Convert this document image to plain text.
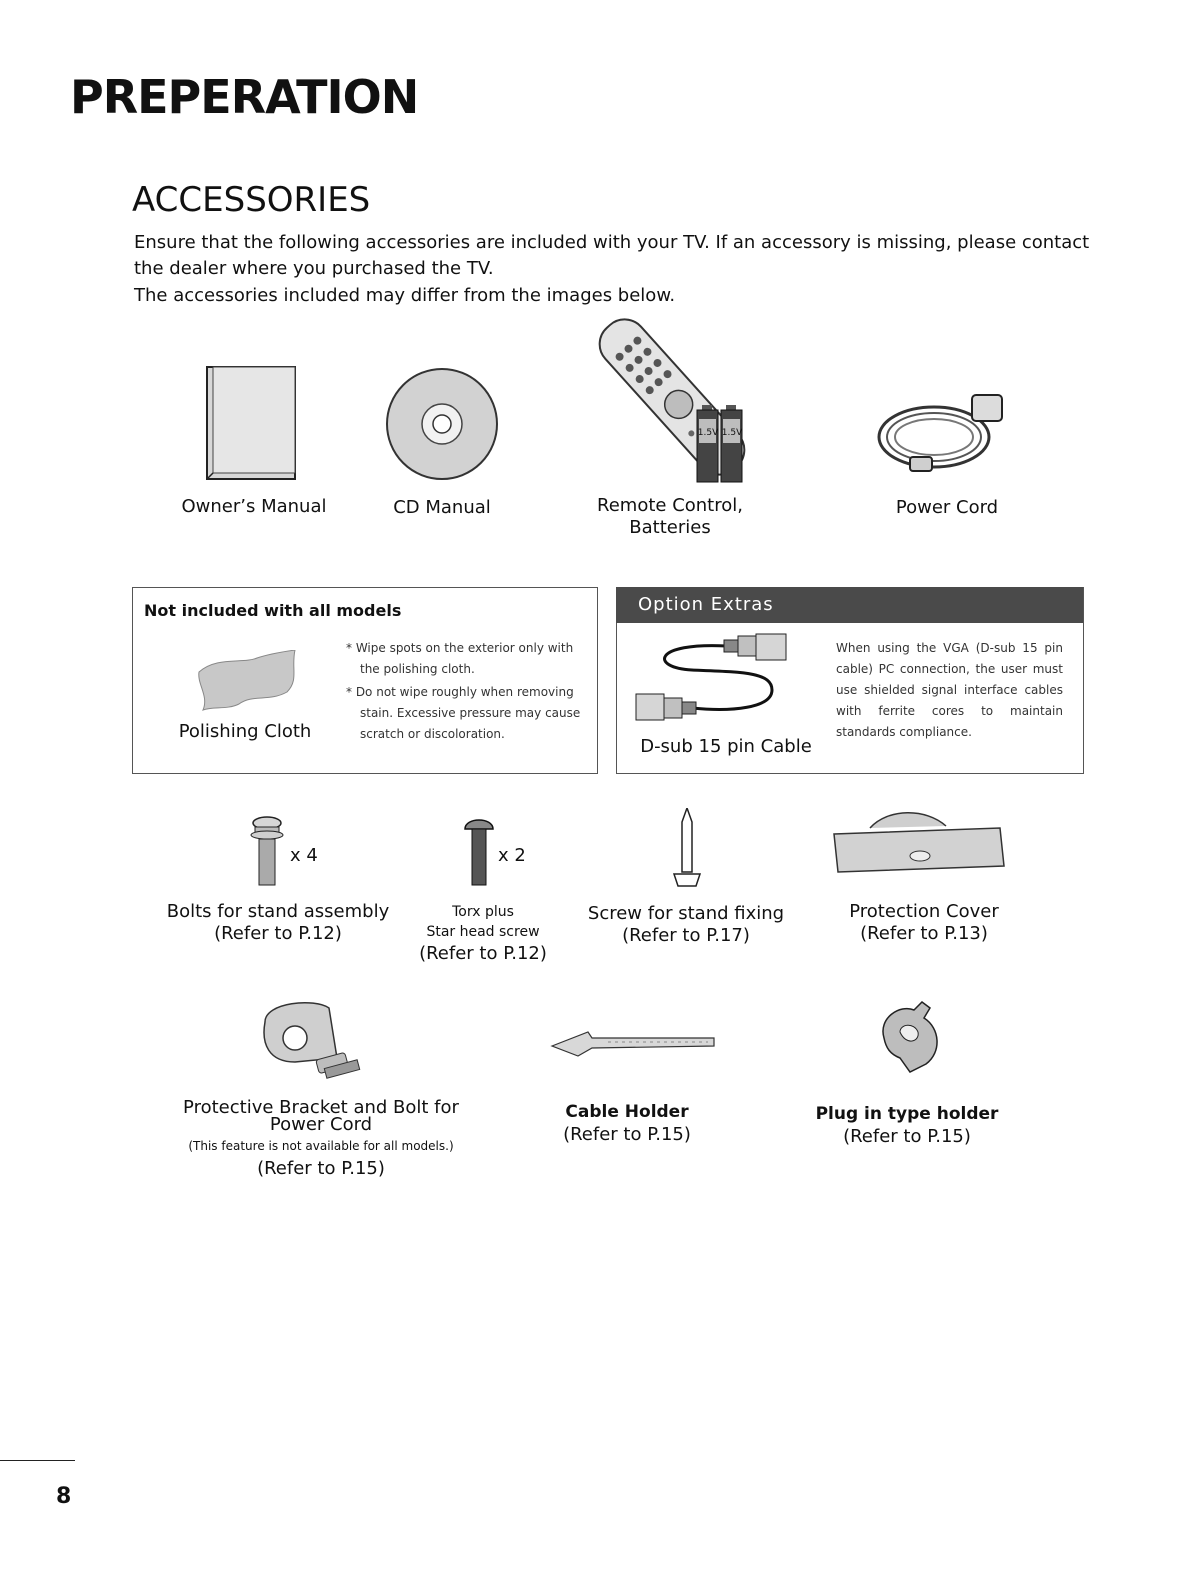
PREPERATION
ACCESSORIES

Ensure that the following accessories are included with your TV. If an accessory is missing, please contact the dealer where you purchased the TV.

The accessories included may differ from the images below.

1.5V 1.5V
Owner’s Manual	CD Manual	Remote Control,
Batteries
Power Cord
Not included with all models
Polishing Cloth

* Wipe spots on the exterior only with the polishing cloth.

* Do not wipe roughly when removing stain. Excessive pressure may cause scratch or discoloration.

Option Extras
D-sub 15 pin Cable
When using the VGA (D-sub 15 pin cable) PC connection, the user must use shielded signal interface cables with ferrite cores to maintain standards compliance.
x 4	x 2
Bolts for stand assembly
(Refer to P.12)
Torx plus
Star head screw
(Refer to P.12)
Screw for stand fixing
(Refer to P.17)
Protection Cover
(Refer to P.13)
Protective Bracket and Bolt for
Power Cord
(This feature is not available for all models.)
(Refer to P.15)
Cable Holder
(Refer to P.15)
Plug in type holder
(Refer to P.15)
8
